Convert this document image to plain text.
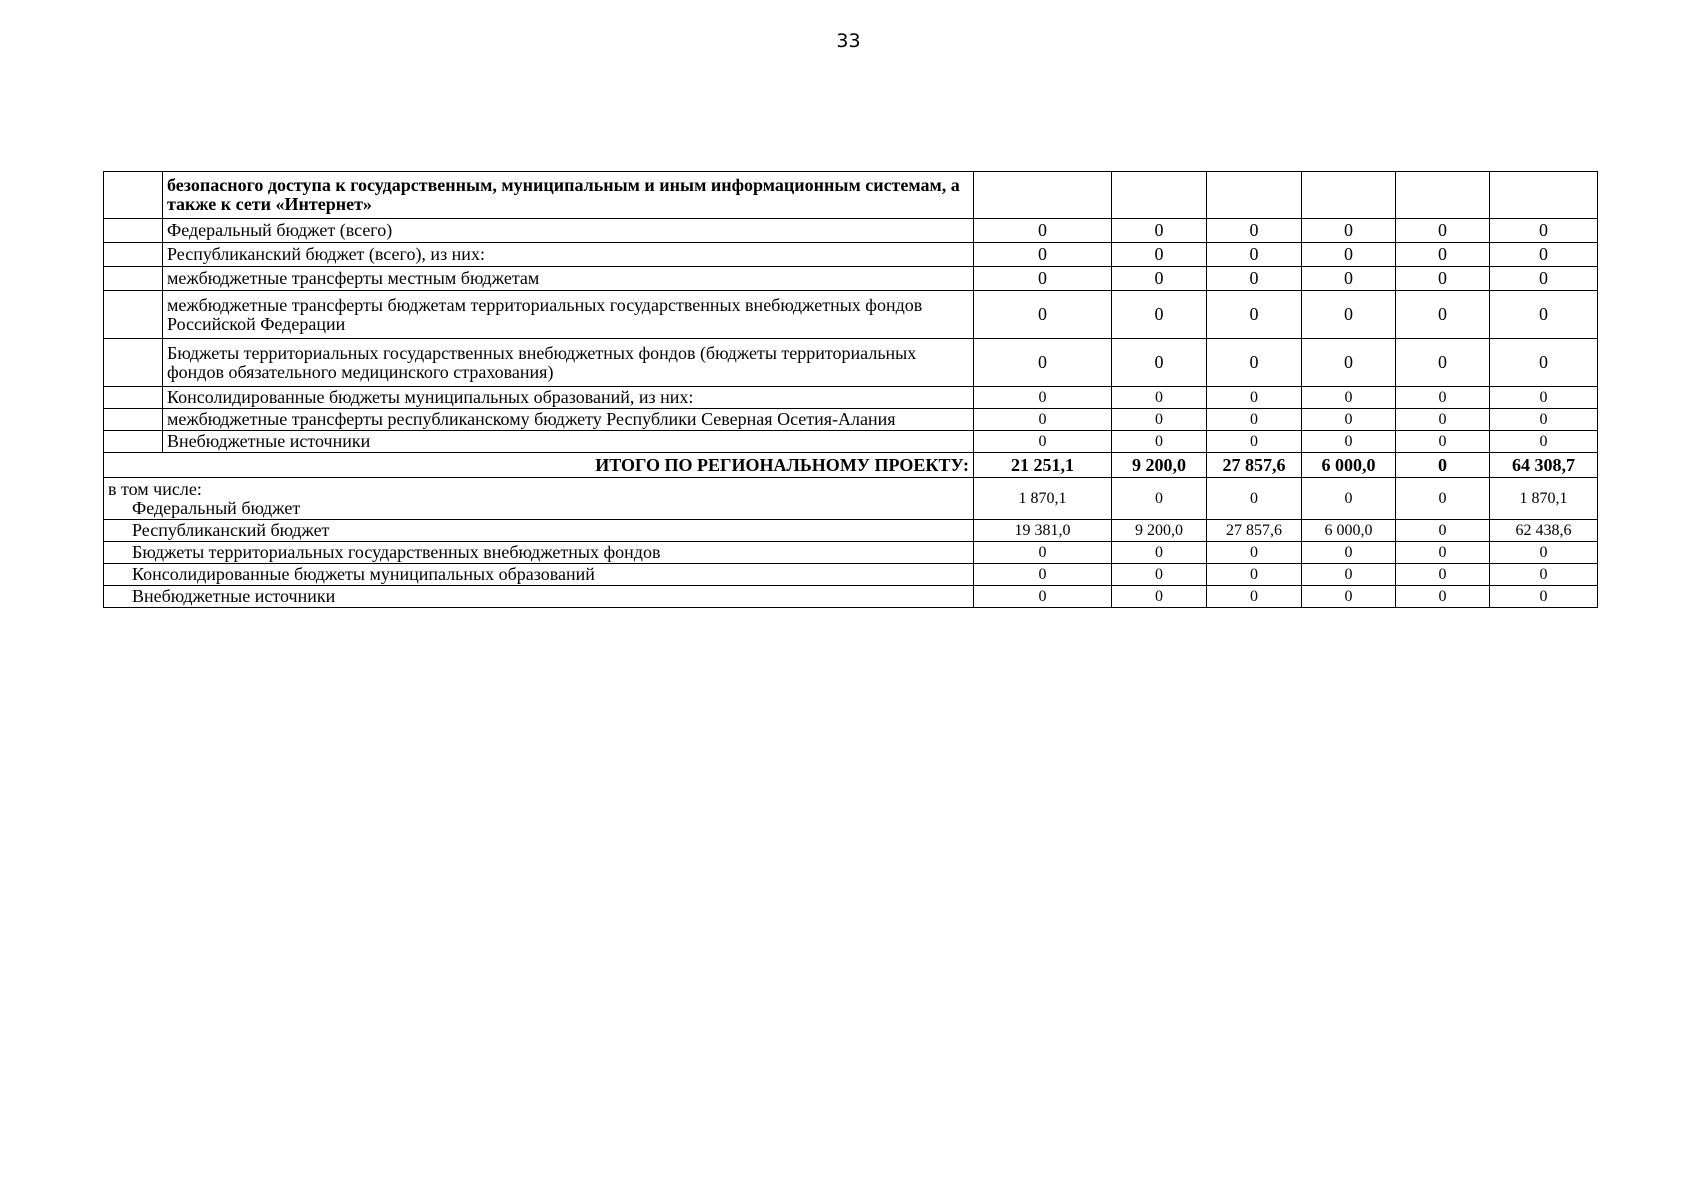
33
	безопасного доступа к государственным, муниципальным и иным информационным системам, а также к сети «Интернет»						
	Федеральный бюджет (всего)	0	0	0	0	0	0
	Республиканский бюджет (всего), из них:	0	0	0	0	0	0
	межбюджетные трансферты местным бюджетам	0	0	0	0	0	0
	межбюджетные трансферты бюджетам территориальных государственных внебюджетных фондов Российской Федерации	0	0	0	0	0	0
	Бюджеты территориальных государственных внебюджетных фондов (бюджеты территориальных фондов обязательного медицинского страхования)	0	0	0	0	0	0
	Консолидированные бюджеты муниципальных образований, из них:	0	0	0	0	0	0
	межбюджетные трансферты республиканскому бюджету Республики Северная Осетия-Алания	0	0	0	0	0	0
	Внебюджетные источники	0	0	0	0	0	0
ИТОГО ПО РЕГИОНАЛЬНОМУ ПРОЕКТУ:		21 251,1	9 200,0	27 857,6	6 000,0	0	64 308,7
в том числе:
Федеральный бюджет		1 870,1	0	0	0	0	1 870,1

Республиканский бюджет		19 381,0	9 200,0	27 857,6	6 000,0	0	62 438,6

Бюджеты территориальных государственных внебюджетных фондов		0	0	0	0	0	0

Консолидированные бюджеты муниципальных образований		0	0	0	0	0	0

Внебюджетные источники		0	0	0	0	0	0
